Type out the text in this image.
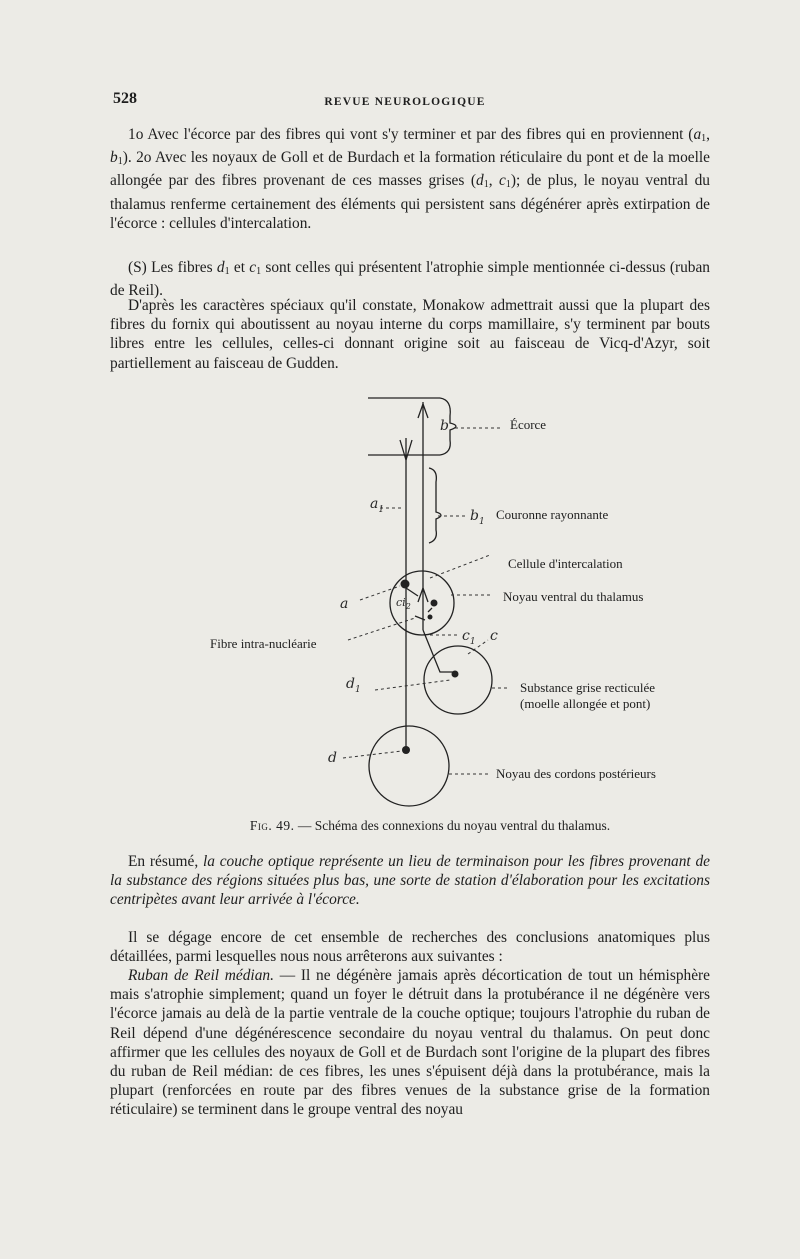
528	REVUE NEUROLOGIQUE

1o Avec l'écorce par des fibres qui vont s'y terminer et par des fibres qui en proviennent (a1, b1). 2o Avec les noyaux de Goll et de Burdach et la formation réticulaire du pont et de la moelle allongée par des fibres provenant de ces masses grises (d1, c1); de plus, le noyau ventral du thalamus renferme certainement des éléments qui persistent sans dégénérer après extirpation de l'écorce : cellules d'intercalation.

(S) Les fibres d1 et c1 sont celles qui présentent l'atrophie simple mentionnée ci-dessus (ruban de Reil).

D'après les caractères spéciaux qu'il constate, Monakow admettrait aussi que la plupart des fibres du fornix qui aboutissent au noyau interne du corps mamillaire, s'y terminent par bouts libres entre les cellules, celles-ci donnant origine soit au faisceau de Vicq-d'Azyr, soit partiellement au faisceau de Gudden.

Écorce
Couronne rayonnante
Cellule d'intercalation
Noyau ventral du thalamus
Fibre intra-nucléarie
Substance grise recticulée
(moelle allongée et pont)
Noyau des cordons postérieurs
b
$a_1$	$b_1$
a	$ci_2$
$c_1$ c
$d_1$
d
Fig. 49. — Schéma des connexions du noyau ventral du thalamus.

En résumé, la couche optique représente un lieu de terminaison pour les fibres provenant de la substance des régions situées plus bas, une sorte de station d'élaboration pour les excitations centripètes avant leur arrivée à l'écorce.

Il se dégage encore de cet ensemble de recherches des conclusions anatomiques plus détaillées, parmi lesquelles nous nous arrêterons aux suivantes :

Ruban de Reil médian. — Il ne dégénère jamais après décortication de tout un hémisphère mais s'atrophie simplement; quand un foyer le détruit dans la protubérance il ne dégénère vers l'écorce jamais au delà de la partie ventrale de la couche optique; toujours l'atrophie du ruban de Reil dépend d'une dégénérescence secondaire du noyau ventral du thalamus. On peut donc affirmer que les cellules des noyaux de Goll et de Burdach sont l'origine de la plupart des fibres du ruban de Reil médian: de ces fibres, les unes s'épuisent déjà dans la protubérance, mais la plupart (renforcées en route par des fibres venues de la substance grise de la formation réticulaire) se terminent dans le groupe ventral des noyau
